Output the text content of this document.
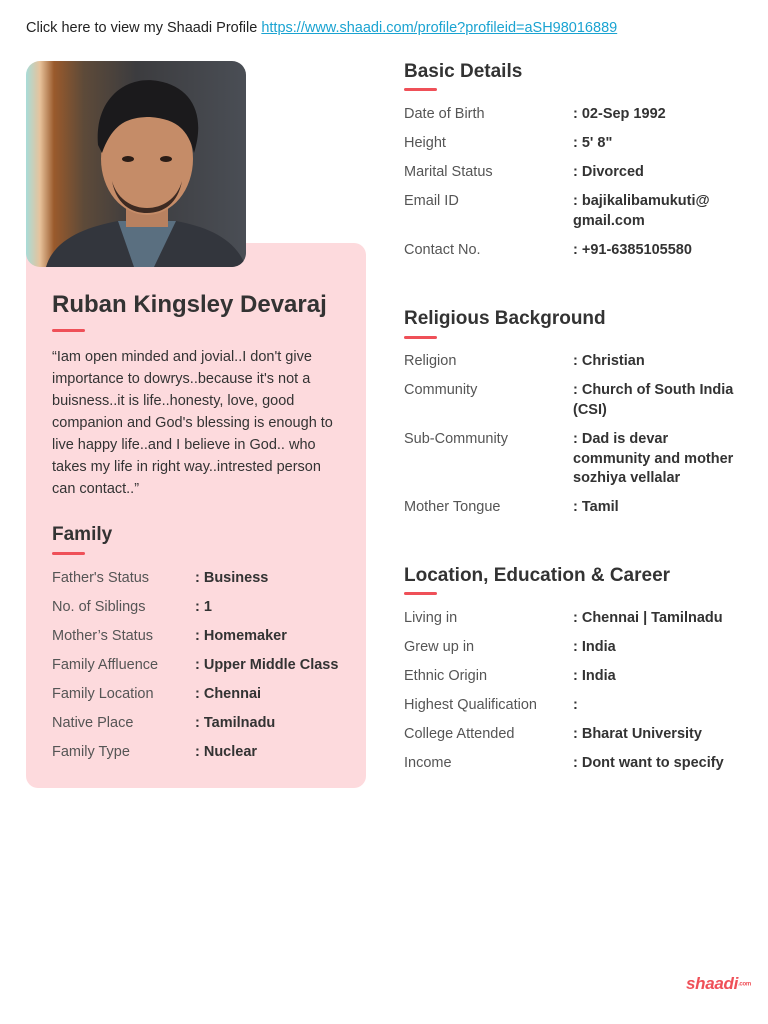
Click here to view my Shaadi Profile https://www.shaadi.com/profile?profileid=aSH98016889
Ruban Kingsley Devaraj
“Iam open minded and jovial..I don't give importance to dowrys..because it's not a buisness..it is life..honesty, love, good companion and God's blessing is enough to live happy life..and I believe in God.. who takes my life in right way..intrested person can contact..”
Family
Father's Status	: Business
No. of Siblings	: 1
Mother’s Status	: Homemaker
Family Affluence	: Upper Middle Class
Family Location	: Chennai
Native Place	: Tamilnadu
Family Type	: Nuclear
Basic Details
Date of Birth	: 02-Sep 1992
Height	: 5' 8"
Marital Status	: Divorced
Email ID	: bajikalibamukuti@ gmail.com
Contact No.	: +91-6385105580
Religious Background
Religion	: Christian
Community	: Church of South India (CSI)
Sub-Community	: Dad is devar community and mother sozhiya vellalar
Mother Tongue	: Tamil
Location, Education & Career
Living in	: Chennai | Tamilnadu
Grew up in	: India
Ethnic Origin	: India
Highest Qualification :
College Attended	: Bharat University
Income	: Dont want to specify
shaadi.com
